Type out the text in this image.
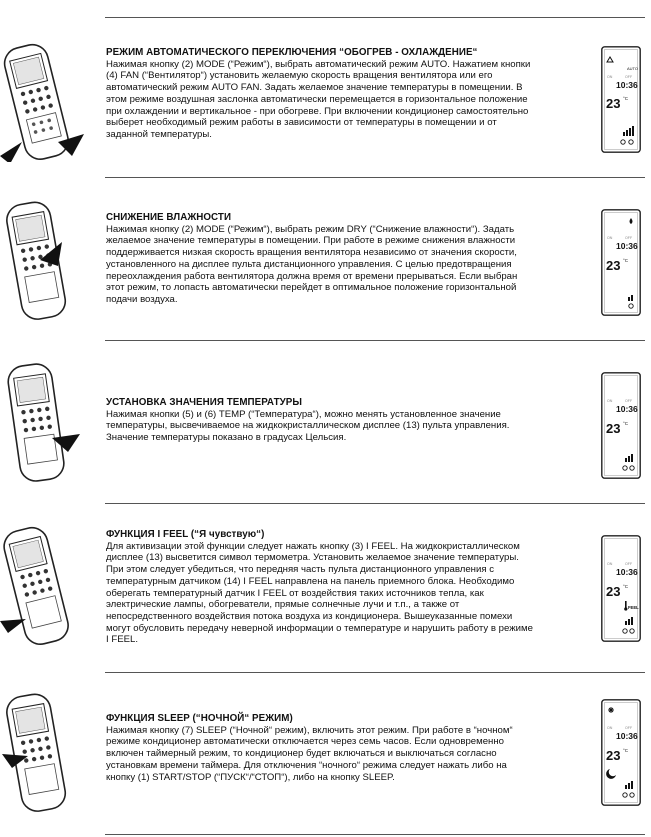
РЕЖИМ АВТОМАТИЧЕСКОГО ПЕРЕКЛЮЧЕНИЯ “ОБОГРЕВ - ОХЛАЖДЕНИЕ“

Нажимая кнопку (2) MODE (“Режим“), выбрать автоматический режим AUTO. Нажатием кнопки (4) FAN (“Вентилятор“) установить желаемую скорость вращения вентилятора или его автоматический режим AUTO FAN. Задать желаемое значение температуры в помещении. В этом режиме воздушная заслонка автоматически перемещается в горизонтальное положение при охлаждении и вертикальное - при обогреве. При включении кондиционер самостоятельно выберет необходимый режим работы в зависимости от температуры в помещении и от заданной температуры.

AUTO
ON	OFF
10:36
23 °C
СНИЖЕНИЕ ВЛАЖНОСТИ

Нажимая кнопку (2) MODE (“Режим“), выбрать режим DRY (“Снижение влажности“). Задать желаемое значение температуры в помещении. При работе в режиме снижения влажности поддерживается низкая скорость вращения вентилятора независимо от значения скорости, установленного на дисплее пульта дистанционного управления. С целью предотвращения переохлаждения работа вентилятора должна время от времени прерываться. Если выбран этот режим, то лопасть автоматически перейдет в оптимальное положение горизонтальной подачи воздуха.

ON	OFF
10:36
23 °C
УСТАНОВКА ЗНАЧЕНИЯ ТЕМПЕРАТУРЫ

Нажимая кнопки (5) и (6) TEMP (“Температура“), можно менять установленное значение температуры, высвечиваемое на жидкокристаллическом дисплее (13) пульта управления. Значение температуры показано в градусах Цельсия.

ON	OFF
10:36
23 °C
ФУНКЦИЯ I FEEL (“Я чувствую“)

Для активизации этой функции следует нажать кнопку (3) I FEEL. На жидкокристаллическом дисплее (13) высветится символ термометра. Установить желаемое значение температуры. При этом следует убедиться, что передняя часть пульта дистанционного управления с температурным датчиком (14) I FEEL направлена на панель приемного блока. Необходимо оберегать температурный датчик I FEEL от воздействия таких источников тепла, как электрические лампы, обогреватели, прямые солнечные лучи и т.п., а также от непосредственного воздействия потока воздуха из кондиционера. Вышеуказанные помехи могут обусловить передачу неверной информации о температуре и нарушить работу в режиме I FEEL.

ON	OFF
10:36
23 °C
FEEL
ФУНКЦИЯ SLEEP (“НОЧНОЙ“ РЕЖИМ)

Нажимая кнопку (7) SLEEP (“Ночной“ режим), включить этот режим. При работе в “ночном“ режиме кондиционер автоматически отключается через семь часов. Если одновременно включен таймерный режим, то кондиционер будет включаться и выключаться согласно установкам времени таймера. Для отключения “ночного“ режима следует нажать либо на кнопку (1) START/STOP (“ПУСК“/“СТОП“), либо на кнопку SLEEP.

ON	OFF
10:36
23 °C
